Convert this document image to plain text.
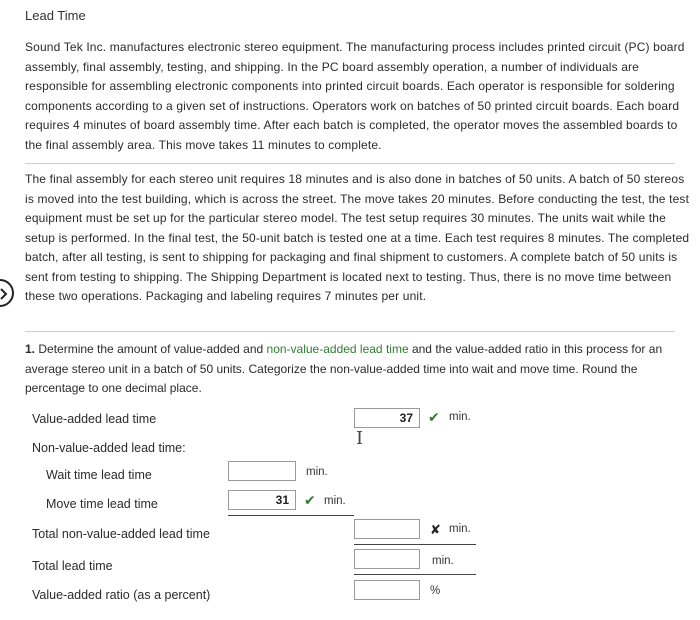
Lead Time
Sound Tek Inc. manufactures electronic stereo equipment. The manufacturing process includes printed circuit (PC) board assembly, final assembly, testing, and shipping. In the PC board assembly operation, a number of individuals are responsible for assembling electronic components into printed circuit boards. Each operator is responsible for soldering components according to a given set of instructions. Operators work on batches of 50 printed circuit boards. Each board requires 4 minutes of board assembly time. After each batch is completed, the operator moves the assembled boards to the final assembly area. This move takes 11 minutes to complete.
The final assembly for each stereo unit requires 18 minutes and is also done in batches of 50 units. A batch of 50 stereos is moved into the test building, which is across the street. The move takes 20 minutes. Before conducting the test, the test equipment must be set up for the particular stereo model. The test setup requires 30 minutes. The units wait while the setup is performed. In the final test, the 50-unit batch is tested one at a time. Each test requires 8 minutes. The completed batch, after all testing, is sent to shipping for packaging and final shipment to customers. A complete batch of 50 units is sent from testing to shipping. The Shipping Department is located next to testing. Thus, there is no move time between these two operations. Packaging and labeling requires 7 minutes per unit.
1. Determine the amount of value-added and non-value-added lead time and the value-added ratio in this process for an average stereo unit in a batch of 50 units. Categorize the non-value-added time into wait and move time. Round the percentage to one decimal place.
Value-added lead time	37	✔ min.
I
Non-value-added lead time:
Wait time lead time	min.
Move time lead time	31	✔ min.
Total non-value-added lead time	✘ min.
Total lead time	min.
Value-added ratio (as a percent)	%
